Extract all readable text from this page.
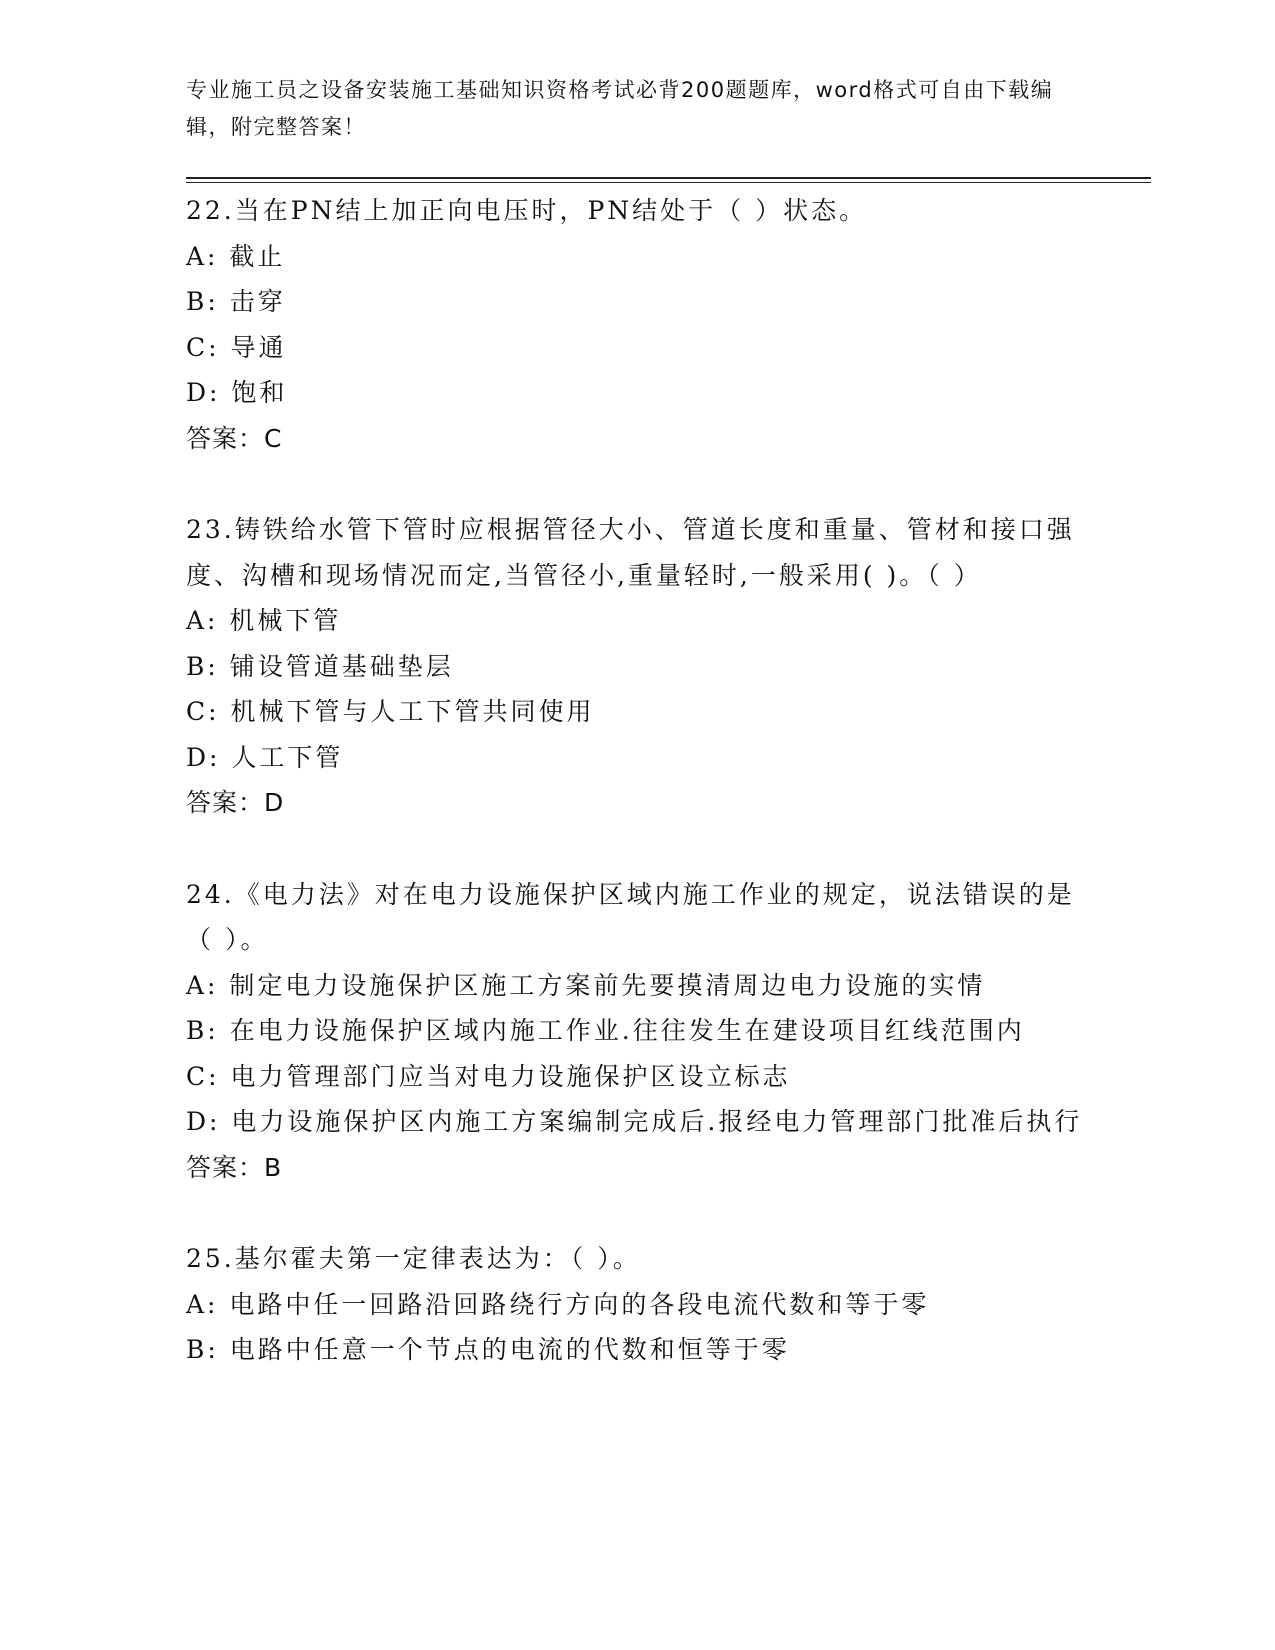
专业施工员之设备安装施工基础知识资格考试必背200题题库，word格式可自由下载编辑，附完整答案！

22.当在PN结上加正向电压时，PN结处于（ ）状态。

A: 截止

B: 击穿

C: 导通

D: 饱和

答案：C

23.铸铁给水管下管时应根据管径大小、管道长度和重量、管材和接口强度、沟槽和现场情况而定,当管径小,重量轻时,一般采用( )。（ ）

A: 机械下管

B: 铺设管道基础垫层

C: 机械下管与人工下管共同使用

D: 人工下管

答案：D

24.《电力法》对在电力设施保护区域内施工作业的规定，说法错误的是（ ）。

A: 制定电力设施保护区施工方案前先要摸清周边电力设施的实情

B: 在电力设施保护区域内施工作业.往往发生在建设项目红线范围内

C: 电力管理部门应当对电力设施保护区设立标志

D: 电力设施保护区内施工方案编制完成后.报经电力管理部门批准后执行

答案：B

25.基尔霍夫第一定律表达为：（ ）。

A: 电路中任一回路沿回路绕行方向的各段电流代数和等于零

B: 电路中任意一个节点的电流的代数和恒等于零
